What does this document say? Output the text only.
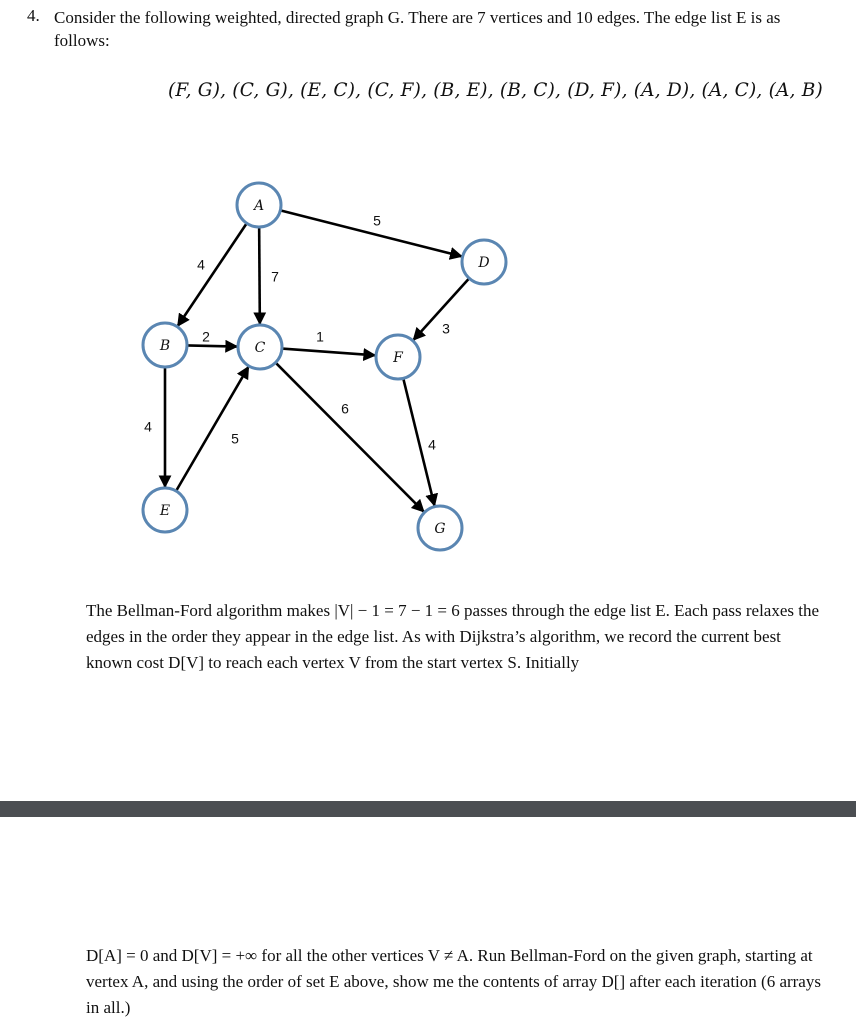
4. Consider the following weighted, directed graph G. There are 7 vertices and 10 edges. The edge list E is as follows:
(F, G), (C, G), (E, C), (C, F), (B, E), (B, C), (D, F), (A, D), (A, C), (A, B)
5
4
7
2
4
1	3
6
5	4
A
B	C
D
E
F
G
The Bellman-Ford algorithm makes |V| − 1 = 7 − 1 = 6 passes through the edge list E. Each pass relaxes the edges in the order they appear in the edge list. As with Dijkstra’s algorithm, we record the current best known cost D[V] to reach each vertex V from the start vertex S. Initially
D[A] = 0 and D[V] = +∞ for all the other vertices V ≠ A. Run Bellman-Ford on the given graph, starting at vertex A, and using the order of set E above, show me the contents of array D[] after each iteration (6 arrays in all.)
